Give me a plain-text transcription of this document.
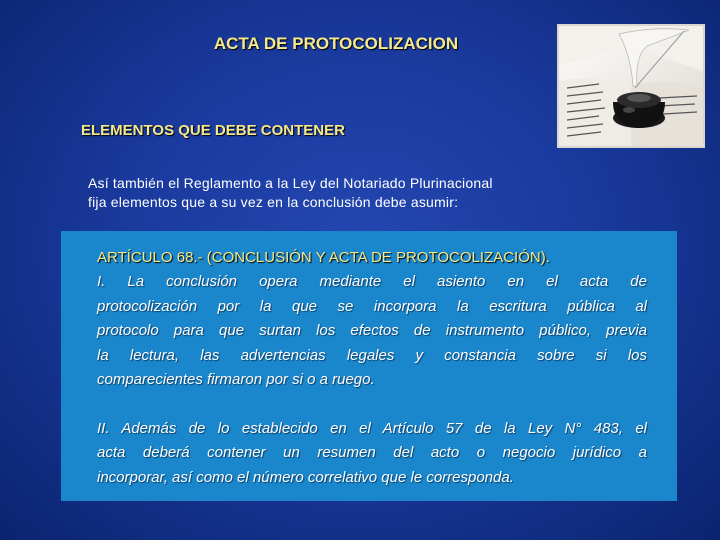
ACTA DE PROTOCOLIZACION
ELEMENTOS QUE DEBE CONTENER
Así también el Reglamento a la Ley del Notariado Plurinacional
fija elementos que a su vez en la conclusión debe asumir:
ARTÍCULO 68.- (CONCLUSIÓN Y ACTA DE PROTOCOLIZACIÓN).
I. La conclusión opera mediante el asiento en el acta de
protocolización por la que se incorpora la escritura pública al
protocolo para que surtan los efectos de instrumento público, previa
la lectura, las advertencias legales y constancia sobre si los
comparecientes firmaron por si o a ruego.
II. Además de lo establecido en el Artículo 57 de la Ley N° 483, el
acta deberá contener un resumen del acto o negocio jurídico a
incorporar, así como el número correlativo que le corresponda.
